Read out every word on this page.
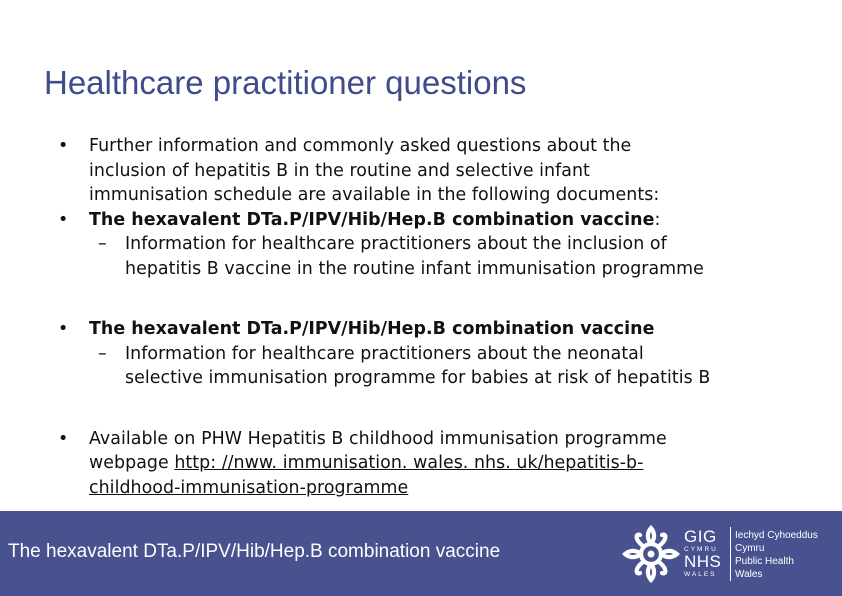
Healthcare practitioner questions
• Further information and commonly asked questions about the
inclusion of hepatitis B in the routine and selective infant
immunisation schedule are available in the following documents:
• The hexavalent DTa.P/IPV/Hib/Hep.B combination vaccine:
– Information for healthcare practitioners about the inclusion of
hepatitis B vaccine in the routine infant immunisation programme
• The hexavalent DTa.P/IPV/Hib/Hep.B combination vaccine
– Information for healthcare practitioners about the neonatal
selective immunisation programme for babies at risk of hepatitis B
• Available on PHW Hepatitis B childhood immunisation programme
webpage http: //nww. immunisation. wales. nhs. uk/hepatitis-b-
childhood-immunisation-programme
The hexavalent DTa.P/IPV/Hib/Hep.B combination vaccine
GIG
CYMRU
NHS
WALES
Iechyd Cyhoeddus
Cymru
Public Health
Wales
